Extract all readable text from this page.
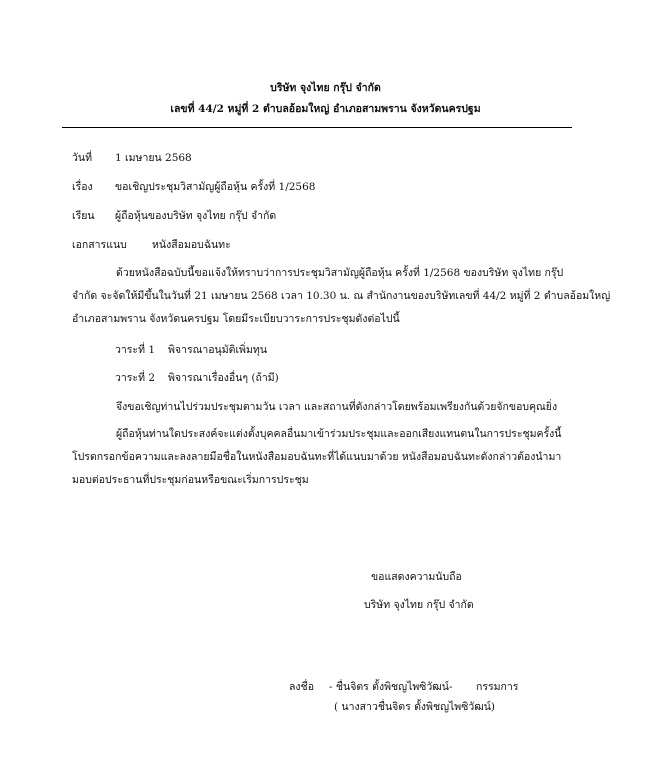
บริษัท จุงไทย กรุ๊ป จำกัด
เลขที่ 44/2 หมู่ที่ 2 ตำบลอ้อมใหญ่ อำเภอสามพราน จังหวัดนครปฐม
วันที่ 1 เมษายน 2568
เรื่อง ขอเชิญประชุมวิสามัญผู้ถือหุ้น ครั้งที่ 1/2568
เรียน ผู้ถือหุ้นของบริษัท จุงไทย กรุ๊ป จำกัด
เอกสารแนบ หนังสือมอบฉันทะ
ด้วยหนังสือฉบับนี้ขอแจ้งให้ทราบว่าการประชุมวิสามัญผู้ถือหุ้น ครั้งที่ 1/2568 ของบริษัท จุงไทย กรุ๊ป
จำกัด จะจัดให้มีขึ้นในวันที่ 21 เมษายน 2568 เวลา 10.30 น. ณ สำนักงานของบริษัทเลขที่ 44/2 หมู่ที่ 2 ตำบลอ้อมใหญ่
อำเภอสามพราน จังหวัดนครปฐม โดยมีระเบียบวาระการประชุมดังต่อไปนี้
วาระที่ 1 พิจารณาอนุมัติเพิ่มทุน
วาระที่ 2 พิจารณาเรื่องอื่นๆ (ถ้ามี)
จึงขอเชิญท่านไปร่วมประชุมตามวัน เวลา และสถานที่ดังกล่าวโดยพร้อมเพรียงกันด้วยจักขอบคุณยิ่ง
ผู้ถือหุ้นท่านใดประสงค์จะแต่งตั้งบุคคลอื่นมาเข้าร่วมประชุมและออกเสียงแทนตนในการประชุมครั้งนี้
โปรดกรอกข้อความและลงลายมือชื่อในหนังสือมอบฉันทะที่ได้แนบมาด้วย หนังสือมอบฉันทะดังกล่าวต้องนำมา
มอบต่อประธานที่ประชุมก่อนหรือขณะเริ่มการประชุม
ขอแสดงความนับถือ
บริษัท จุงไทย กรุ๊ป จำกัด
ลงชื่อ - ชื่นจิตร ตั้งพิชญไพซิวัฒน์- กรรมการ
( นางสาวชื่นจิตร ตั้งพิชญไพซิวัฒน์)
